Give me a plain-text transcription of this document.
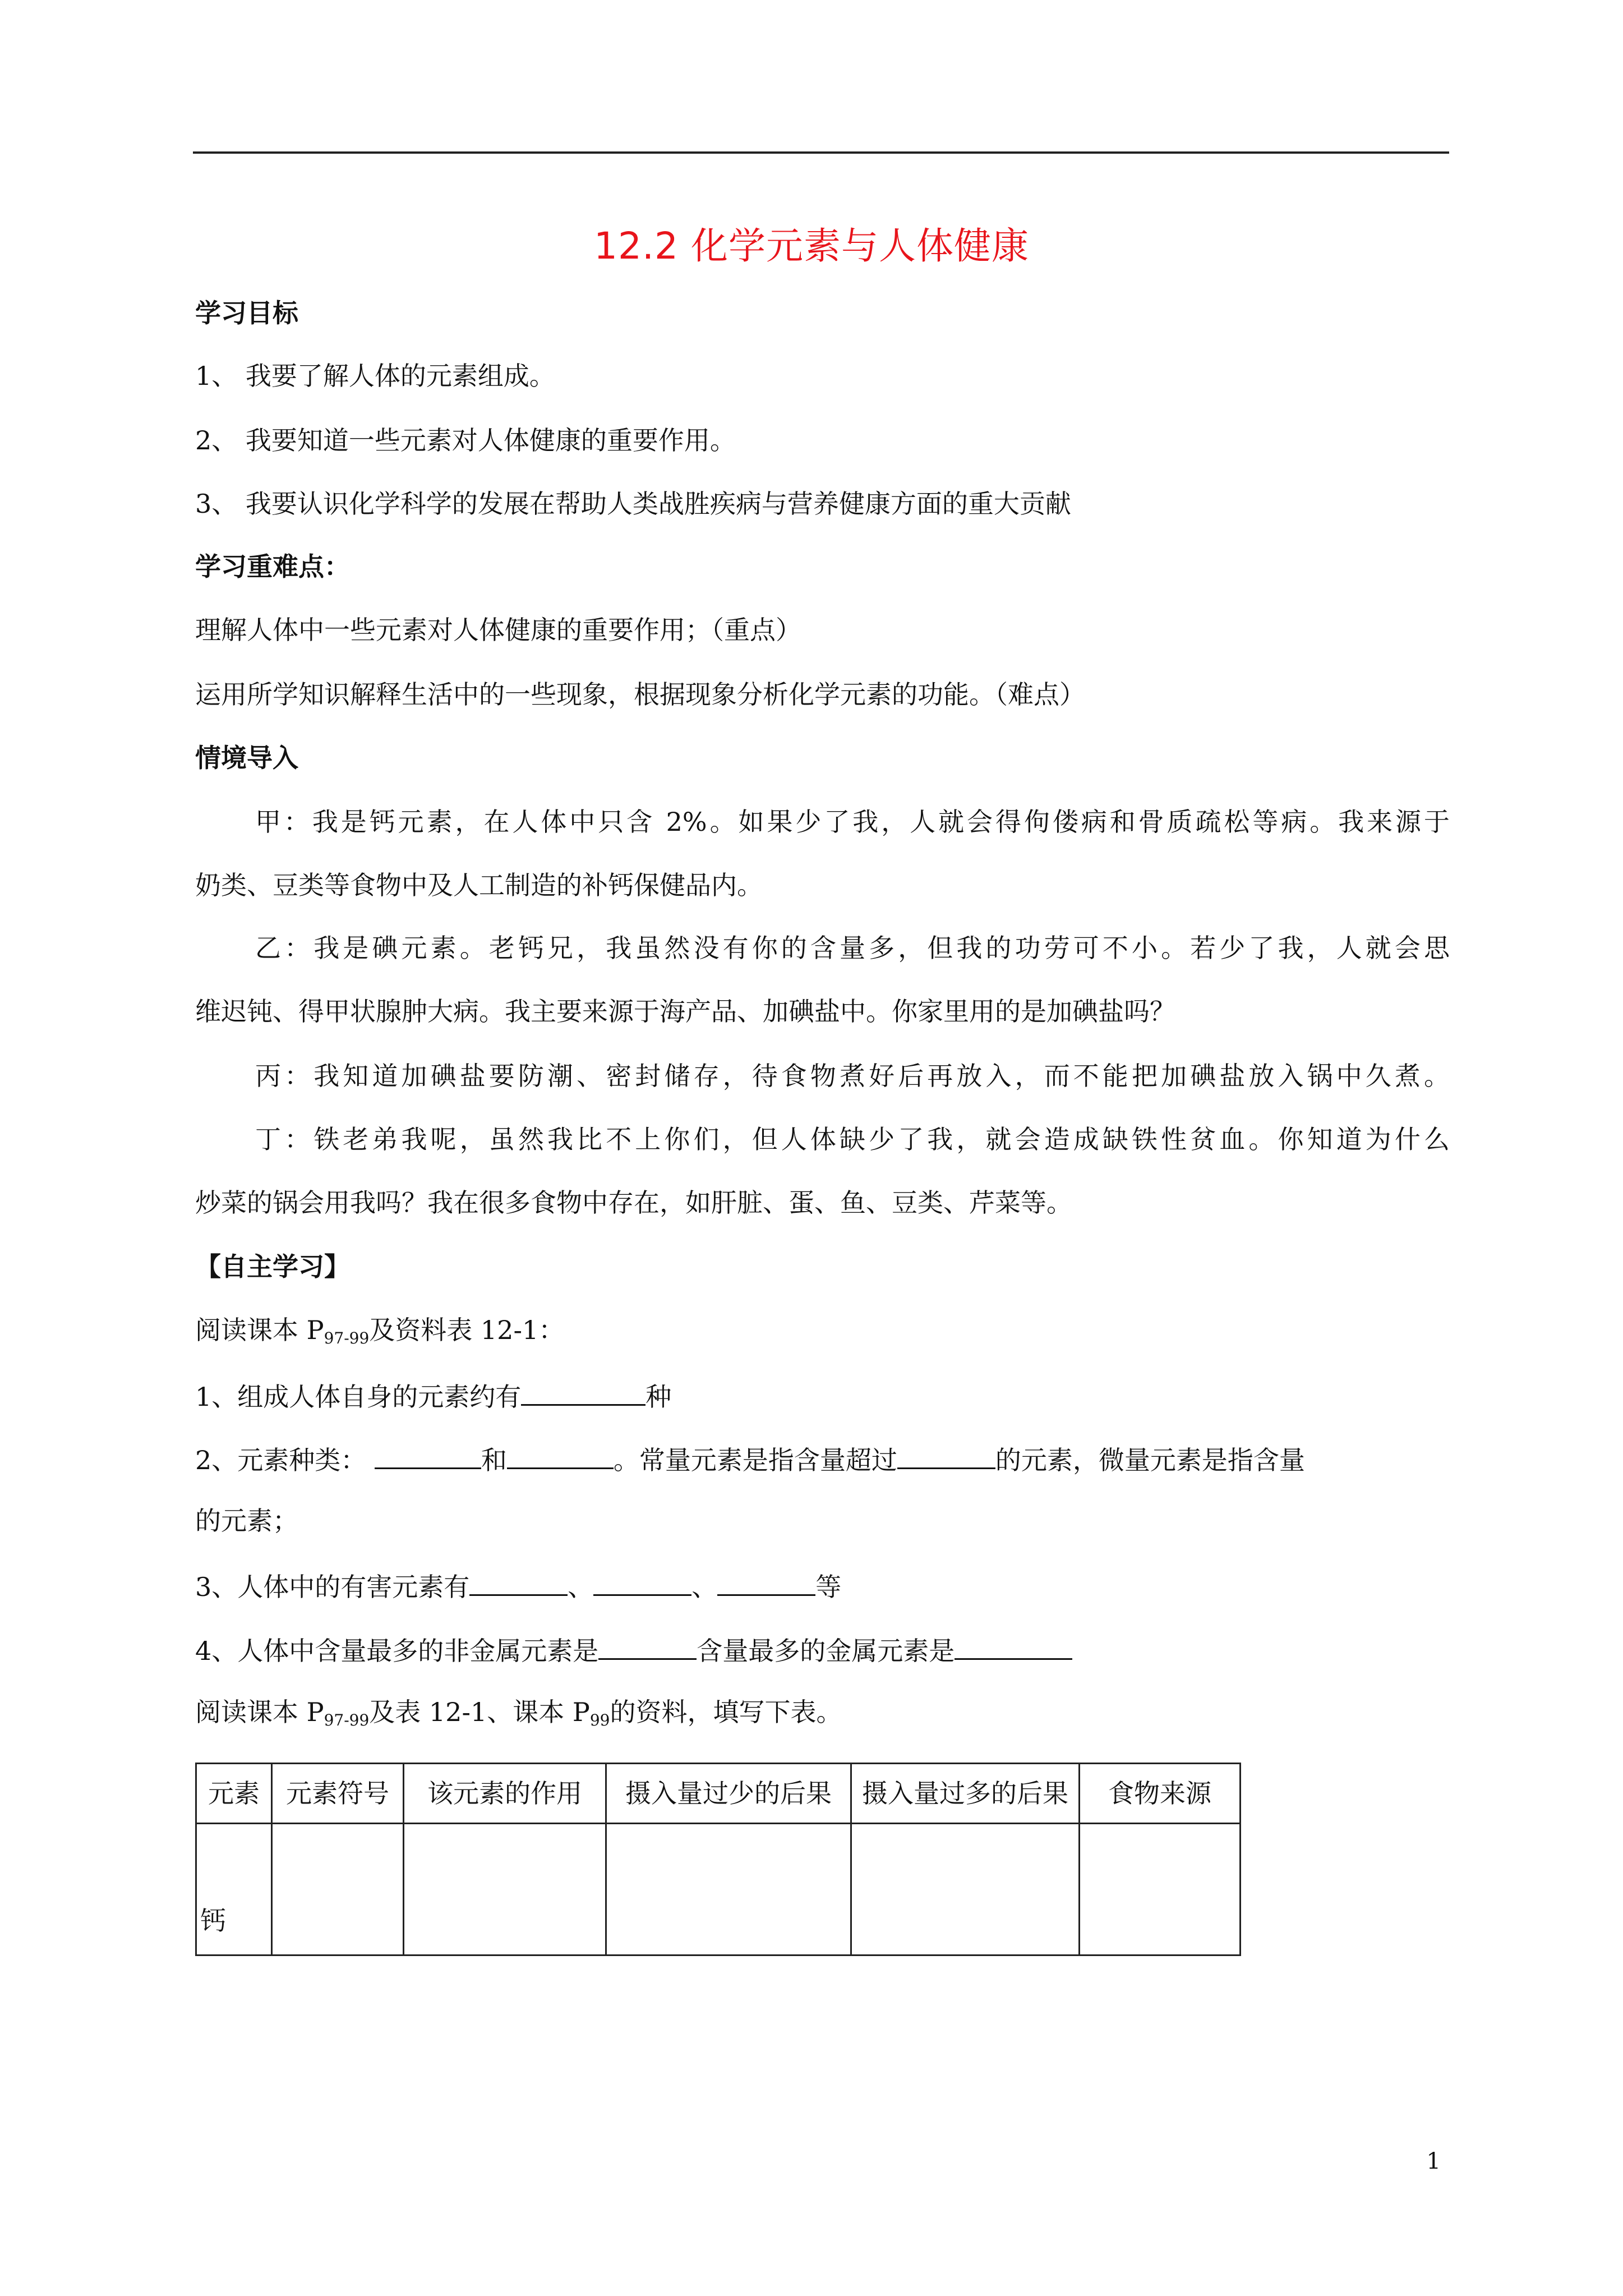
12.2 化学元素与人体健康
学习目标
1、 我要了解人体的元素组成。
2、 我要知道一些元素对人体健康的重要作用。
3、 我要认识化学科学的发展在帮助人类战胜疾病与营养健康方面的重大贡献
学习重难点：
理解人体中一些元素对人体健康的重要作用；（重点）
运用所学知识解释生活中的一些现象，根据现象分析化学元素的功能。（难点）
情境导入
甲：我是钙元素，在人体中只含 2%。如果少了我，人就会得佝偻病和骨质疏松等病。我来源于
奶类、豆类等食物中及人工制造的补钙保健品内。
乙：我是碘元素。老钙兄，我虽然没有你的含量多，但我的功劳可不小。若少了我，人就会思
维迟钝、得甲状腺肿大病。我主要来源于海产品、加碘盐中。你家里用的是加碘盐吗？
丙：我知道加碘盐要防潮、密封储存，待食物煮好后再放入，而不能把加碘盐放入锅中久煮。
丁：铁老弟我呢，虽然我比不上你们，但人体缺少了我，就会造成缺铁性贫血。你知道为什么
炒菜的锅会用我吗？我在很多食物中存在，如肝脏、蛋、鱼、豆类、芹菜等。
【自主学习】
阅读课本 $P_{97-99}$及资料表 12-1：
1、组成人体自身的元素约有	种
2、元素种类：	和	。常量元素是指含量超过	的元素，微量元素是指含量
的元素；
3、人体中的有害元素有	、	、	等
4、人体中含量最多的非金属元素是	含量最多的金属元素是
阅读课本 $P_{97-99}$及表 12-1、课本 $P_{99}$的资料，填写下表。
元素	元素符号	该元素的作用	摄入量过少的后果	摄入量过多的后果	食物来源
钙					
1
